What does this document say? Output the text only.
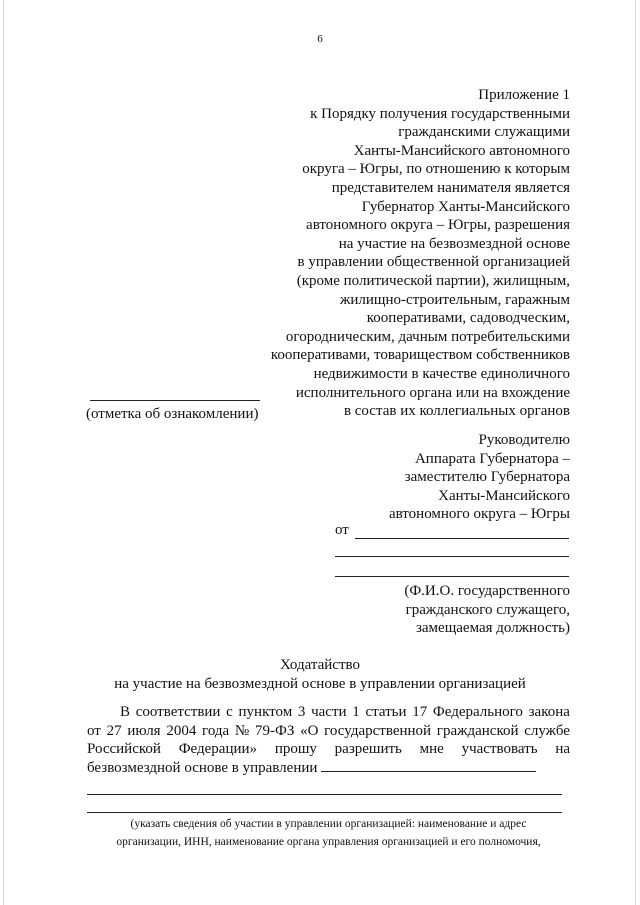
6
Приложение 1
к Порядку получения государственными
гражданскими служащими
Ханты-Мансийского автономного
округа – Югры, по отношению к которым
представителем нанимателя является
Губернатор Ханты-Мансийского
автономного округа – Югры, разрешения
на участие на безвозмездной основе
в управлении общественной организацией
(кроме политической партии), жилищным,
жилищно-строительным, гаражным
кооперативами, садоводческим,
огородническим, дачным потребительскими
кооперативами, товариществом собственников
недвижимости в качестве единоличного
исполнительного органа или на вхождение
в состав их коллегиальных органов
(отметка об ознакомлении)
Руководителю
Аппарата Губернатора –
заместителю Губернатора
Ханты-Мансийского
автономного округа – Югры
от
(Ф.И.О. государственного
гражданского служащего,
замещаемая должность)
Ходатайство
на участие на безвозмездной основе в управлении организацией
В соответствии с пунктом 3 части 1 статьи 17 Федерального закона
от 27 июля 2004 года № 79-ФЗ «О государственной гражданской службе
Российской Федерации» прошу разрешить мне участвовать на
безвозмездной основе в управлении
(указать сведения об участии в управлении организацией: наименование и адрес
организации, ИНН, наименование органа управления организацией и его полномочия,
